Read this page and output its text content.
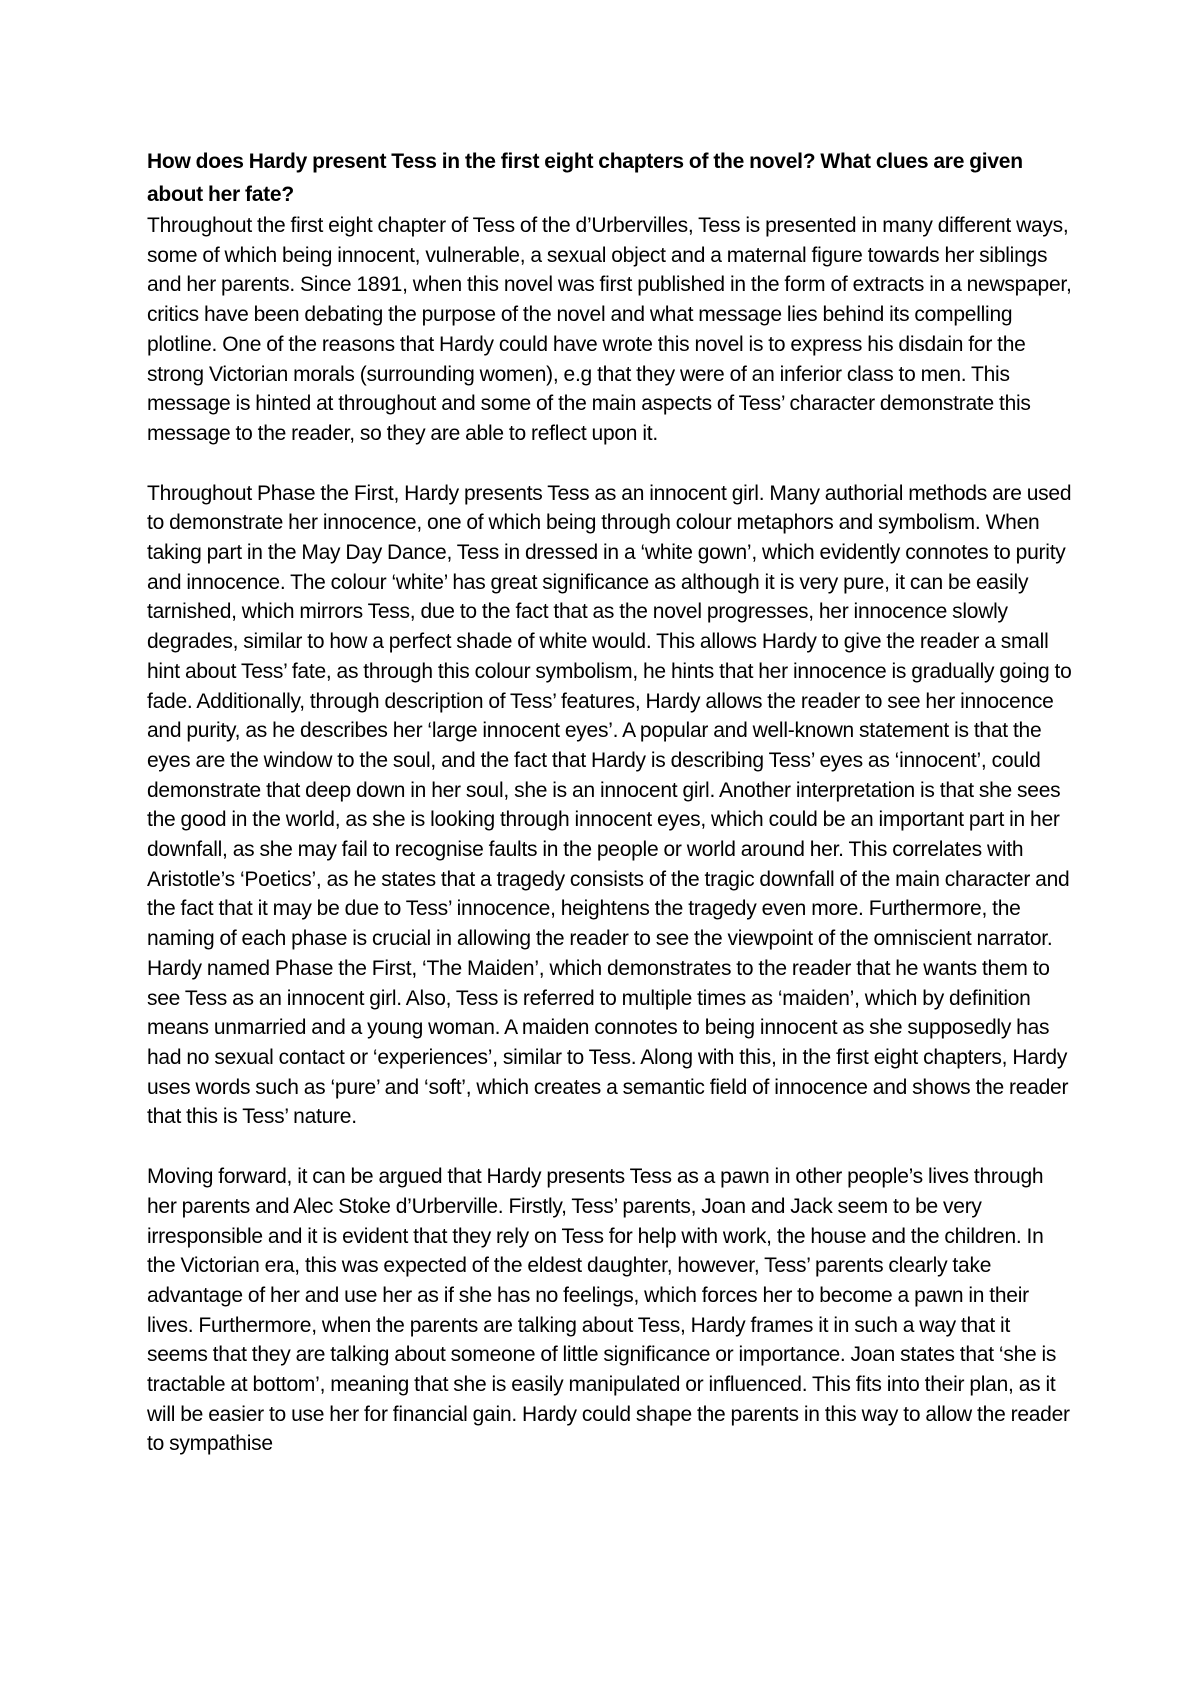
How does Hardy present Tess in the first eight chapters of the novel? What clues are given about her fate?

Throughout the first eight chapter of Tess of the d’Urbervilles, Tess is presented in many different ways, some of which being innocent, vulnerable, a sexual object and a maternal figure towards her siblings and her parents. Since 1891, when this novel was first published in the form of extracts in a newspaper, critics have been debating the purpose of the novel and what message lies behind its compelling plotline. One of the reasons that Hardy could have wrote this novel is to express his disdain for the strong Victorian morals (surrounding women), e.g that they were of an inferior class to men. This message is hinted at throughout and some of the main aspects of Tess’ character demonstrate this message to the reader, so they are able to reflect upon it.

Throughout Phase the First, Hardy presents Tess as an innocent girl. Many authorial methods are used to demonstrate her innocence, one of which being through colour metaphors and symbolism. When taking part in the May Day Dance, Tess in dressed in a ‘white gown’, which evidently connotes to purity and innocence. The colour ‘white’ has great significance as although it is very pure, it can be easily tarnished, which mirrors Tess, due to the fact that as the novel progresses, her innocence slowly degrades, similar to how a perfect shade of white would. This allows Hardy to give the reader a small hint about Tess’ fate, as through this colour symbolism, he hints that her innocence is gradually going to fade. Additionally, through description of Tess’ features, Hardy allows the reader to see her innocence and purity, as he describes her ‘large innocent eyes’. A popular and well-known statement is that the eyes are the window to the soul, and the fact that Hardy is describing Tess’ eyes as ‘innocent’, could demonstrate that deep down in her soul, she is an innocent girl. Another interpretation is that she sees the good in the world, as she is looking through innocent eyes, which could be an important part in her downfall, as she may fail to recognise faults in the people or world around her. This correlates with Aristotle’s ‘Poetics’, as he states that a tragedy consists of the tragic downfall of the main character and the fact that it may be due to Tess’ innocence, heightens the tragedy even more. Furthermore, the naming of each phase is crucial in allowing the reader to see the viewpoint of the omniscient narrator. Hardy named Phase the First, ‘The Maiden’, which demonstrates to the reader that he wants them to see Tess as an innocent girl. Also, Tess is referred to multiple times as ‘maiden’, which by definition means unmarried and a young woman. A maiden connotes to being innocent as she supposedly has had no sexual contact or ‘experiences’, similar to Tess. Along with this, in the first eight chapters, Hardy uses words such as ‘pure’ and ‘soft’, which creates a semantic field of innocence and shows the reader that this is Tess’ nature.

Moving forward, it can be argued that Hardy presents Tess as a pawn in other people’s lives through her parents and Alec Stoke d’Urberville. Firstly, Tess’ parents, Joan and Jack seem to be very irresponsible and it is evident that they rely on Tess for help with work, the house and the children. In the Victorian era, this was expected of the eldest daughter, however, Tess’ parents clearly take advantage of her and use her as if she has no feelings, which forces her to become a pawn in their lives. Furthermore, when the parents are talking about Tess, Hardy frames it in such a way that it seems that they are talking about someone of little significance or importance. Joan states that ‘she is tractable at bottom’, meaning that she is easily manipulated or influenced. This fits into their plan, as it will be easier to use her for financial gain. Hardy could shape the parents in this way to allow the reader to sympathise
